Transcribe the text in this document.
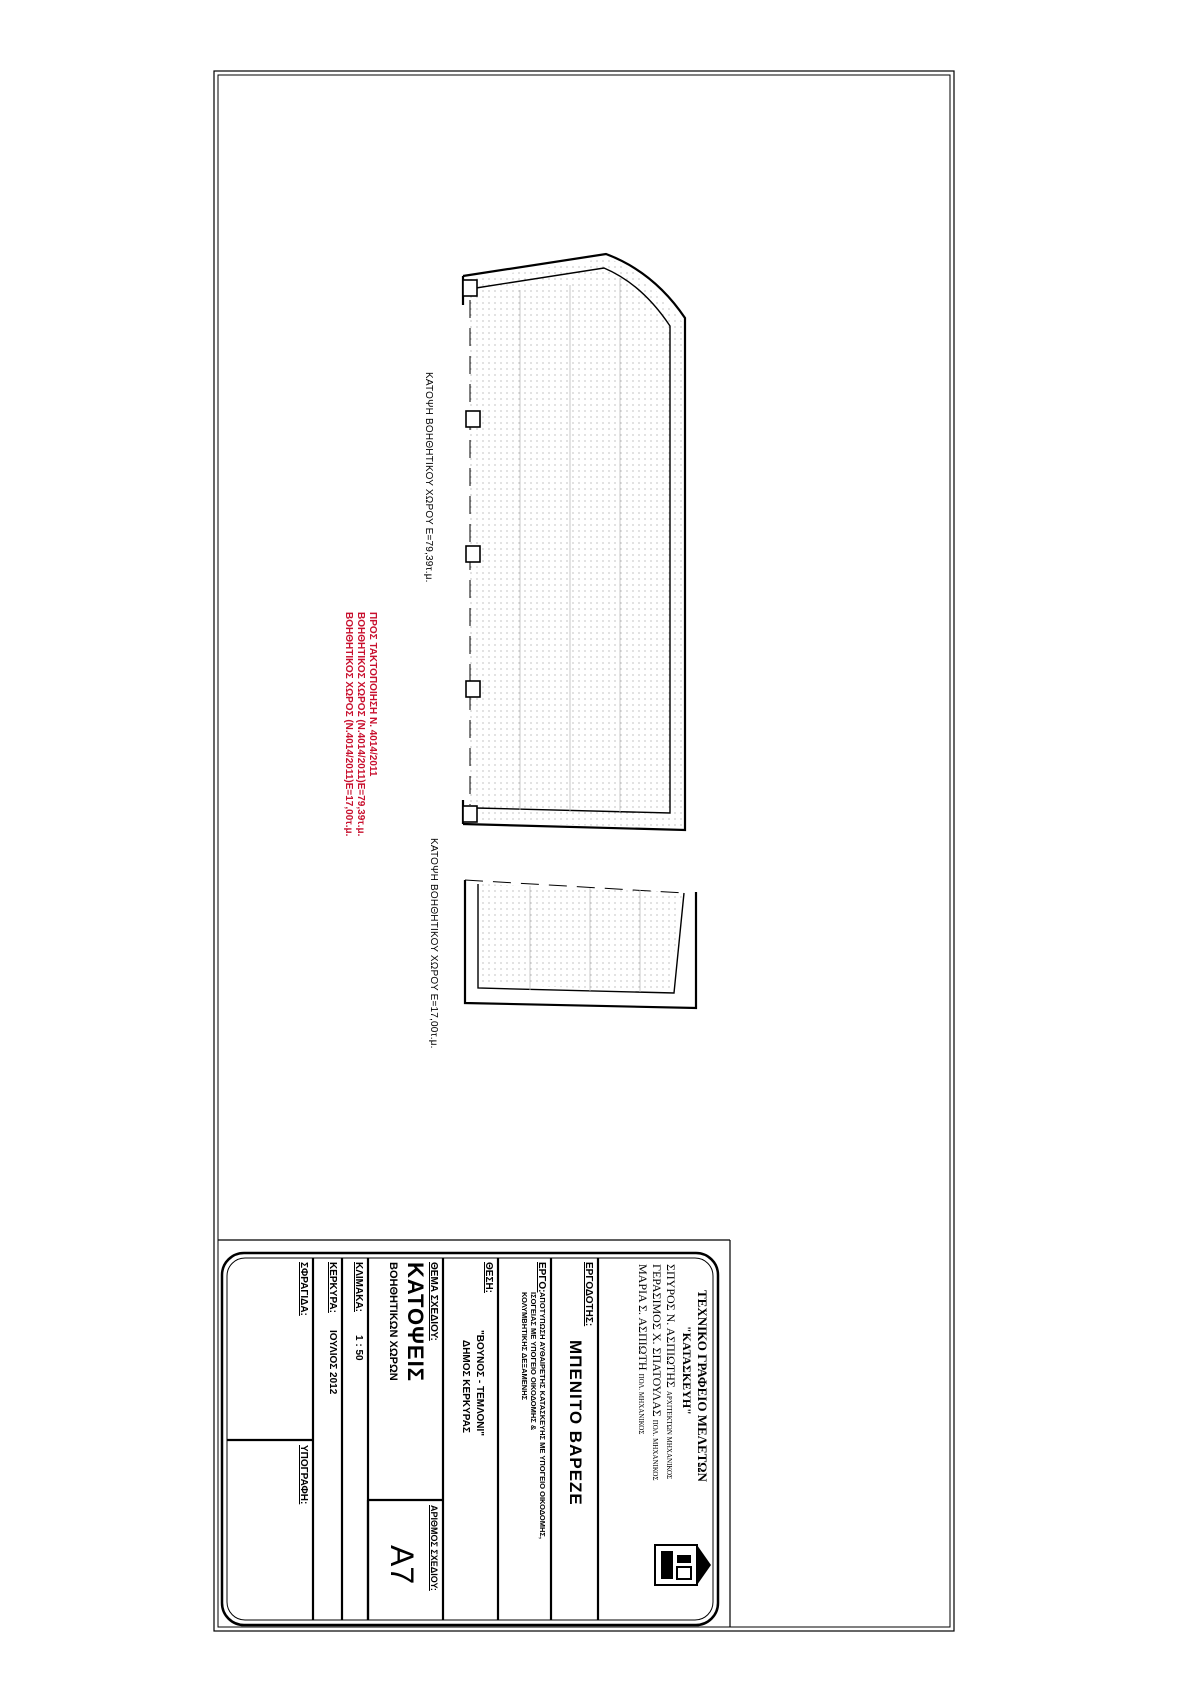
ΚΑΤΟΨΗ ΒΟΗΘΗΤΙΚΟΥ ΧΩΡΟΥ Ε=79,39τ.μ.
ΚΑΤΟΨΗ ΒΟΗΘΗΤΙΚΟΥ ΧΩΡΟΥ Ε=17,00τ.μ.
ΠΡΟΣ ΤΑΚΤΟΠΟΙΗΣΗ Ν. 4014/2011
ΒΟΗΘΗΤΙΚΟΣ ΧΩΡΟΣ (Ν.4014/2011)Ε=79,39τ.μ.
ΒΟΗΘΗΤΙΚΟΣ ΧΩΡΟΣ (Ν.4014/2011)Ε=17,00τ.μ.
ΤΕΧΝΙΚΟ ΓΡΑΦΕΙΟ ΜΕΛΕΤΩΝ
"ΚΑΤΑΣΚΕΥΗ"
ΣΠΥΡΟΣ Ν. ΑΣΠΙΩΤΗΣ ΑΡΧΙΤΕΚΤΩΝ ΜΗΧΑΝΙΚΟΣ
ΓΕΡΑΣΙΜΟΣ Χ. ΣΠΑΤΟΥΛΑΣ ΠΟΛ. ΜΗΧΑΝΙΚΟΣ
ΜΑΡΙΑ Σ. ΑΣΠΙΩΤΗ ΠΟΛ. ΜΗΧΑΝΙΚΟΣ
ΕΡΓΟΔΟΤΗΣ:
ΜΠΕΝΙΤΟ ΒΑΡΕΖΕ
ΕΡΓΟ:
ΑΠΟΤΥΠΩΣΗ ΑΥΘΑΙΡΕΤΗΣ ΚΑΤΑΣΚΕΥΗΣ ΜΕ ΥΠΟΓΕΙΟ ΟΙΚΟΔΟΜΗΣ,
ΙΣΟΓΕΙΑΣ ΜΕ ΥΠΟΓΕΙΟ ΟΙΚΟΔΟΜΗΣ &
ΚΟΛΥΜΒΗΤΙΚΗΣ ΔΕΞΑΜΕΝΗΣ
ΘΕΣΗ:
"ΒΟΥΝΟΣ - ΤΕΜΛΟΝΙ"
ΔΗΜΟΣ ΚΕΡΚΥΡΑΣ
ΘΕΜΑ ΣΧΕΔΙΟΥ:
ΚΑΤΟΨΕΙΣ
ΒΟΗΘΗΤΙΚΩΝ ΧΩΡΩΝ
ΑΡΙΘΜΟΣ ΣΧΕΔΙΟΥ:
Α7
ΚΛΙΜΑΚΑ:
1 : 50
ΚΕΡΚΥΡΑ:
ΙΟΥΛΙΟΣ 2012
ΣΦΡΑΓΙΔΑ:
ΥΠΟΓΡΑΦΗ:
